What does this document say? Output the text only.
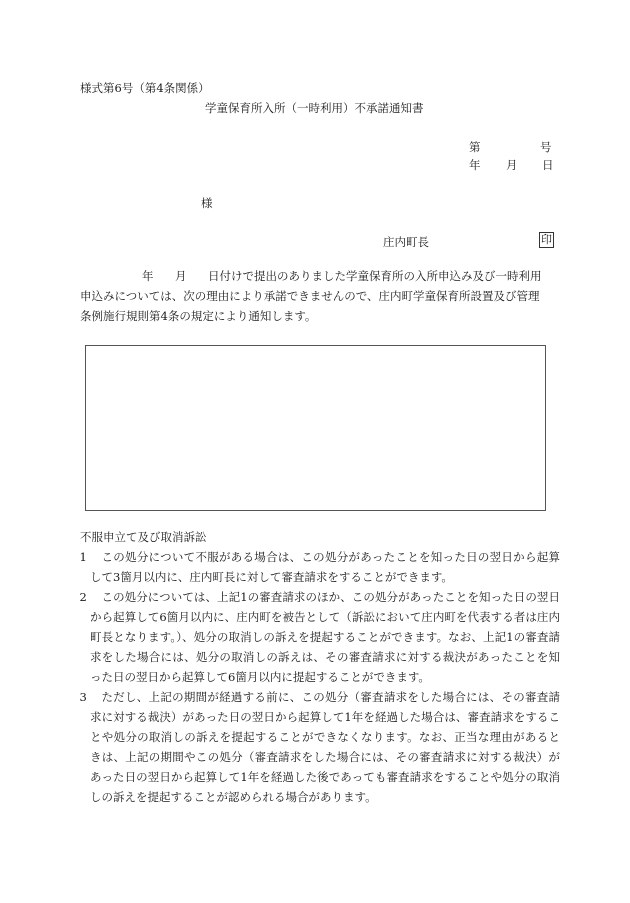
様式第6号（第4条関係）
学童保育所入所（一時利用）不承諾通知書
第	号
年 月 日
様
庄内町長	印
年 月 日付けで提出のありました学童保育所の入所申込み及び一時利用
申込みについては、次の理由により承諾できませんので、庄内町学童保育所設置及び管理
条例施行規則第4条の規定により通知します。
不服申立て及び取消訴訟
1	この処分について不服がある場合は、この処分があったことを知った日の翌日から起算して3箇月以内に、庄内町長に対して審査請求をすることができます。
2	この処分については、上記1の審査請求のほか、この処分があったことを知った日の翌日から起算して6箇月以内に、庄内町を被告として（訴訟において庄内町を代表する者は庄内町長となります。）、処分の取消しの訴えを提起することができます。なお、上記1の審査請求をした場合には、処分の取消しの訴えは、その審査請求に対する裁決があったことを知った日の翌日から起算して6箇月以内に提起することができます。
3	ただし、上記の期間が経過する前に、この処分（審査請求をした場合には、その審査請求に対する裁決）があった日の翌日から起算して1年を経過した場合は、審査請求をすることや処分の取消しの訴えを提起することができなくなります。なお、正当な理由があるときは、上記の期間やこの処分（審査請求をした場合には、その審査請求に対する裁決）があった日の翌日から起算して1年を経過した後であっても審査請求をすることや処分の取消しの訴えを提起することが認められる場合があります。
